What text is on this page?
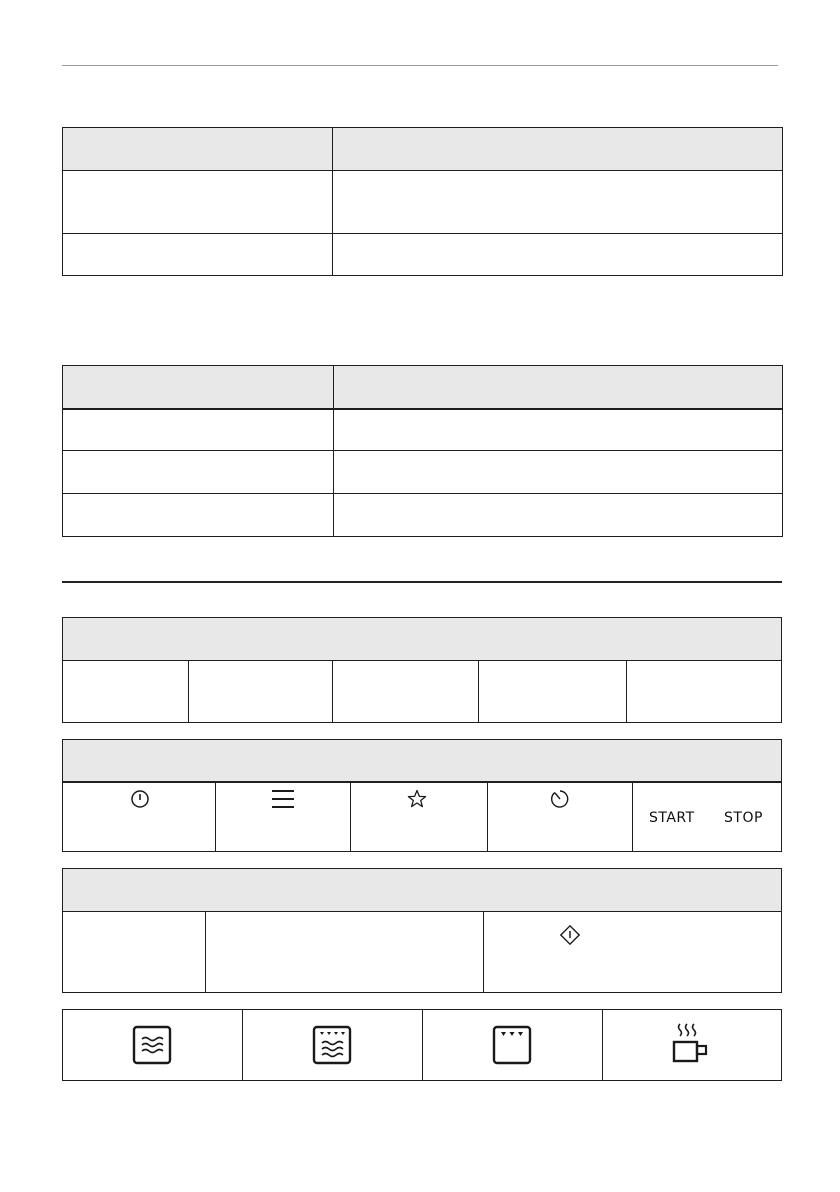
START STOP
